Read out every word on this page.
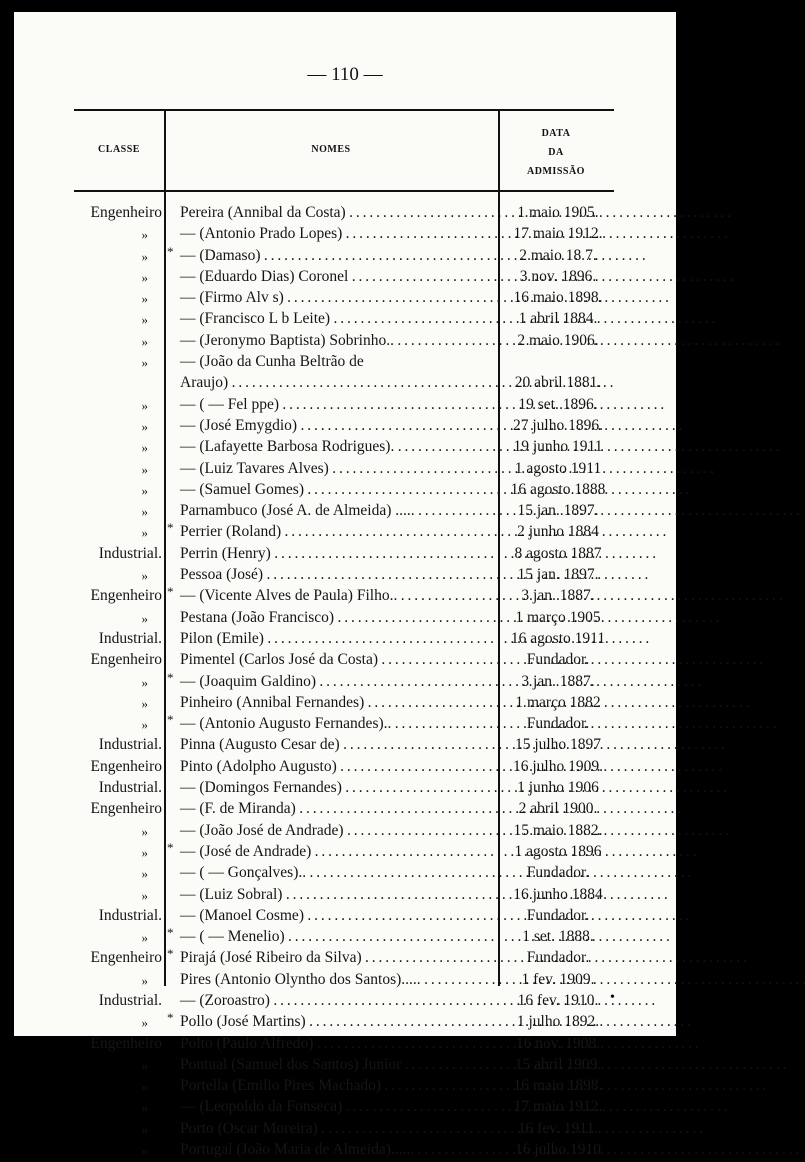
— 110 —
CLASSE	NOMES
DATA
DA
ADMISSÃO
Engenheiro Pereira (Annibal da Costa) . . .	1 maio 1905.
» — (Antonio Prado Lopes) . . .	17 maio 1912.
» * — (Damaso) . . .	2 maio 18 7.
» — (Eduardo Dias) Coronel . . .	3 nov. 1896.
» — (Firmo Alv s) . . .	16 maio 1898.
» — (Francisco L b Leite) . . .	1 abril 1884.
» — (Jeronymo Baptista) Sobrinho.. . . .	2 maio 1906.
» — (João da Cunha Beltrão de
Araujo) . . .	20 abril 1881.
» — ( — Fel ppe) . . .	19 set. 1896.
» — (José Emygdio) . . .	27 julho 1896.
» — (Lafayette Barbosa Rodrigues). . . .	19 junho 1911
» — (Luiz Tavares Alves) . . .	1 agosto 1911
» — (Samuel Gomes) . . .	16 agosto 1888
» Parnambuco (José A. de Almeida) ..... . . .	15 jan. 1897.
» * Perrier (Roland) . . .	2 junho 1884
Industrial. Perrin (Henry) . . .	8 agosto 1887
» Pessoa (José) . . .	15 jan. 1897.
Engenheiro * — (Vicente Alves de Paula) Filho.. . . .	3 jan. 1887.
» Pestana (João Francisco) . . .	1 março 1905
Industrial. Pilon (Emile) . . .	16 agosto 1911
Engenheiro Pimentel (Carlos José da Costa) . . .	Fundador.
» * — (Joaquim Galdino) . . .	3 jan. 1887.
» Pinheiro (Annibal Fernandes) . . .	1 março 1882
» * — (Antonio Augusto Fernandes).. . . .	Fundador.
Industrial. Pinna (Augusto Cesar de) . . .	15 julho 1897
Engenheiro Pinto (Adolpho Augusto) . . .	16 julho 1909.
Industrial. — (Domingos Fernandes) . . .	1 junho 1906
Engenheiro — (F. de Miranda) . . .	2 abril 1900.
» — (João José de Andrade) . . .	15 maio 1882.
» * — (José de Andrade) . . .	1 agosto 1896
» — ( — Gonçalves).. . . .	Fundador.
» — (Luiz Sobral) . . .	16 junho 1884
Industrial. — (Manoel Cosme) . . .	Fundador.
» * — ( — Menelio) . . .	1 set. 1888.
Engenheiro * Pirajá (José Ribeiro da Silva) . . .	Fundador.
» Pires (Antonio Olyntho dos Santos)..... . . .	1 fev. 1909.
Industrial. — (Zoroastro) . . .	16 fev. 1910.
» * Pollo (José Martins) . . .	1 julho 1892.
Engenheiro Polto (Paulo Alfredo) . . .	16 nov. 1908.
» Pontual (Samuel dos Santos) Junior . . .	15 abril 1909.
» Portella (Emilio Pires Machado) . . .	16 maio 1898.
» — (Leopoldo da Fonseca) . . .	17 maio 1912.
» Porto (Oscar Moreira) . . .	16 fev. 1911.
» Portugal (João Maria de Almeida)...... . . .	16 julho 1910
•
